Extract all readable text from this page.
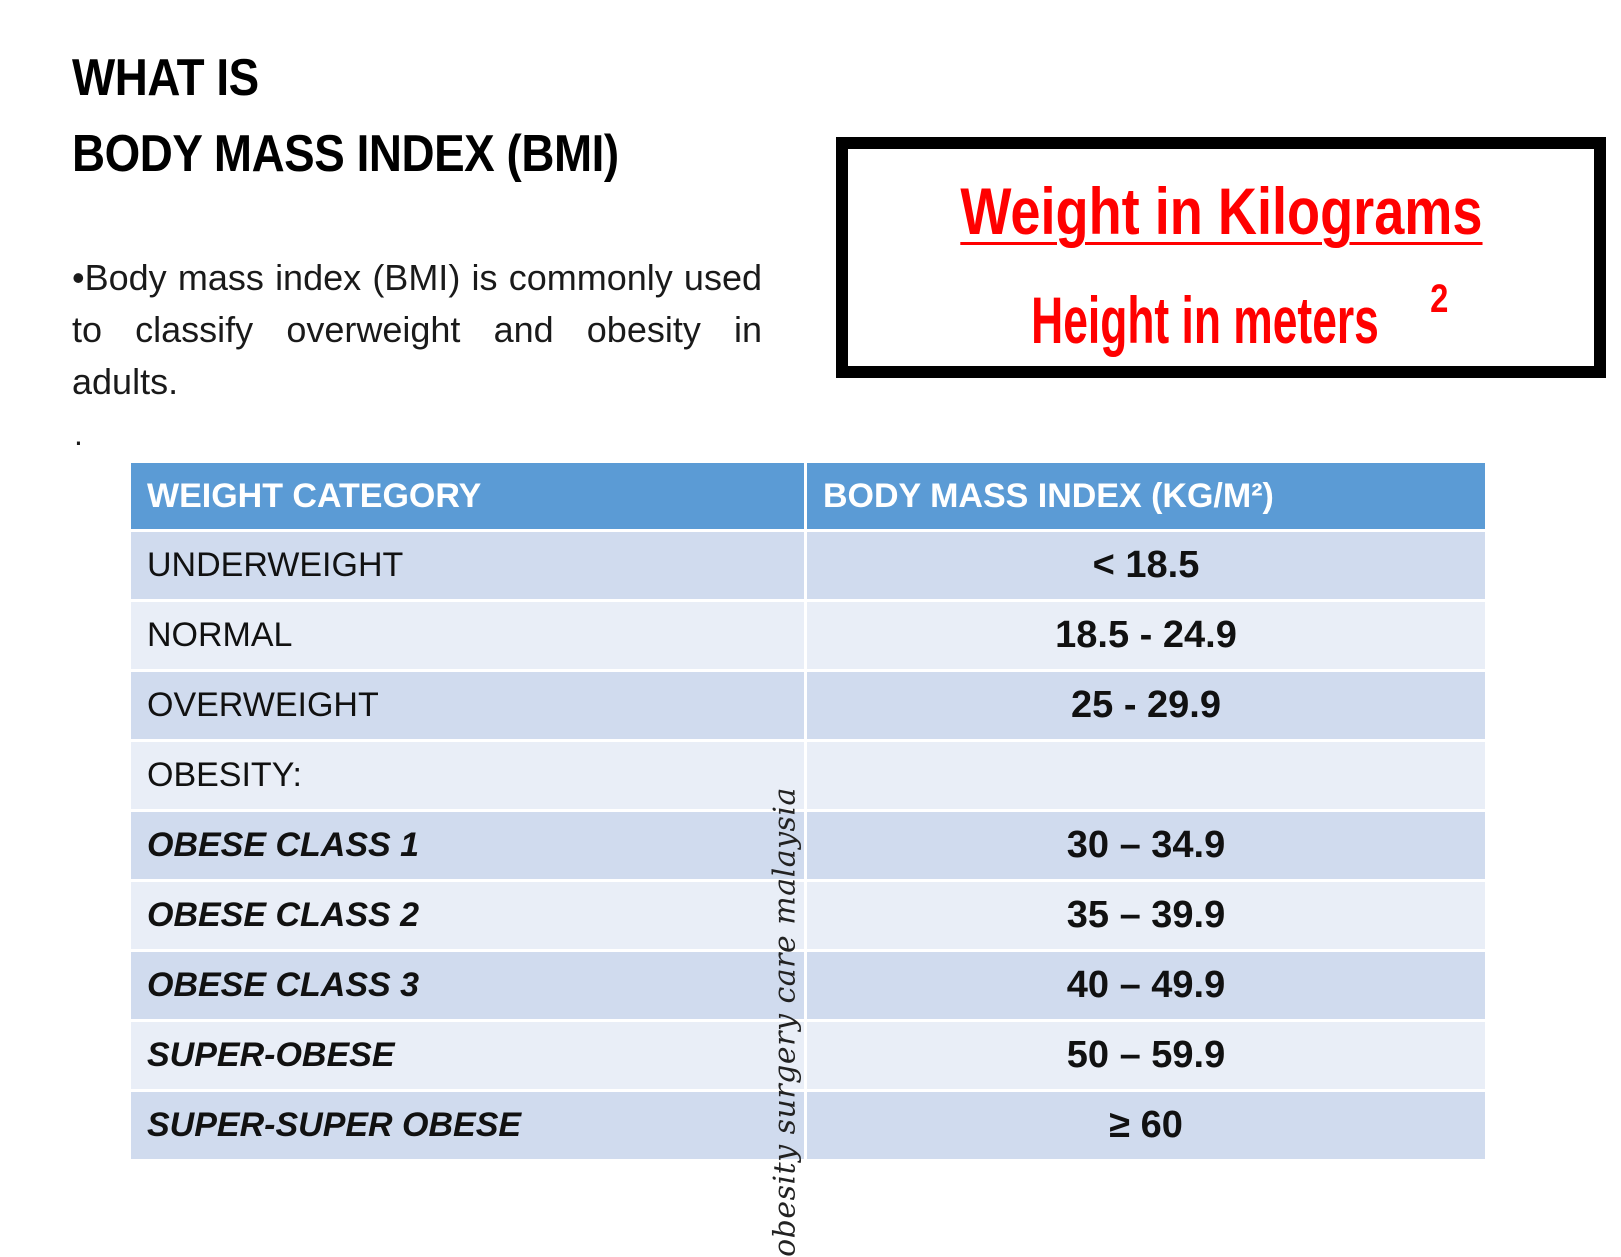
WHAT IS
BODY MASS INDEX (BMI)

•Body mass index (BMI) is commonly used to classify overweight and obesity in adults.

.
Weight in Kilograms
Height in meters $^2$
WEIGHT CATEGORY	BODY MASS INDEX (KG/M²)
UNDERWEIGHT	< 18.5
NORMAL	18.5 - 24.9
OVERWEIGHT	25 - 29.9
OBESITY:	
OBESE CLASS 1	30 – 34.9
OBESE CLASS 2	35 – 39.9
OBESE CLASS 3	40 – 49.9
SUPER-OBESE	50 – 59.9
SUPER-SUPER OBESE	≥ 60
obesity surgery care malaysia
